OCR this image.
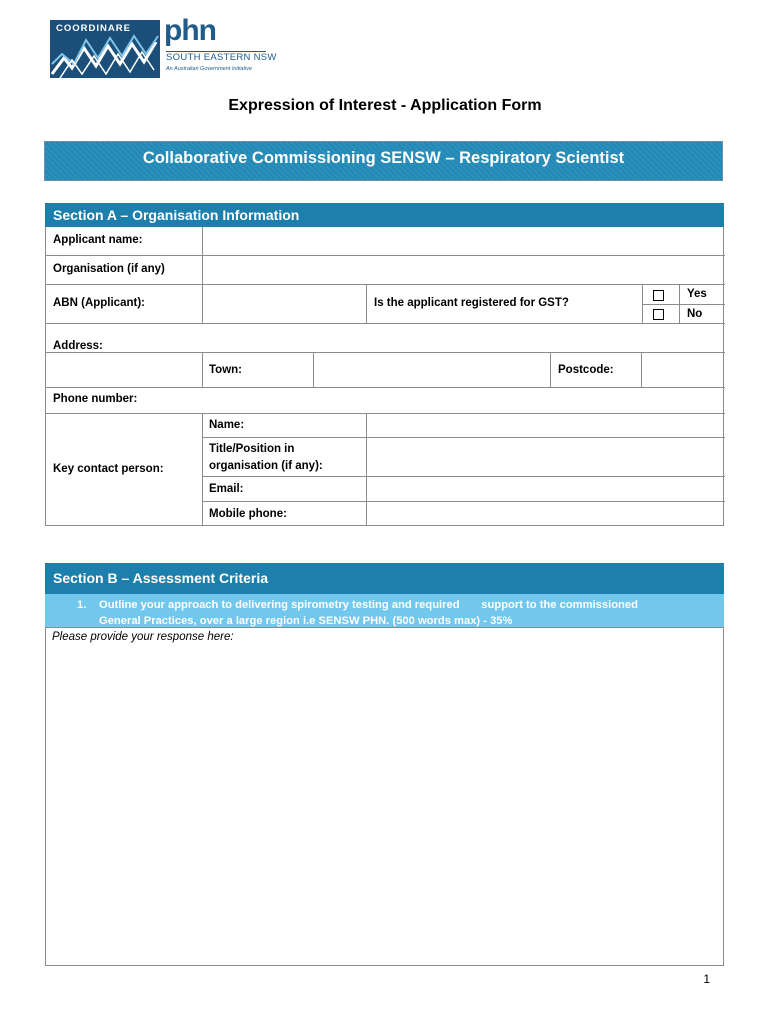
COORDINARE phn
SOUTH EASTERN NSW
An Australian Government Initiative
Expression of Interest - Application Form
Collaborative Commissioning SENSW – Respiratory Scientist
Section A – Organisation Information
Applicant name:
Organisation (if any)
ABN (Applicant):	Is the applicant registered for GST?
Yes
No
Address:
Town:	Postcode:
Phone number:
Key contact person:
Name:
Title/Position in
organisation (if any):
Email:
Mobile phone:
Section B – Assessment Criteria
1. Outline your approach to delivering spirometry testing and required       support to the commissioned
General Practices, over a large region i.e SENSW PHN. (500 words max) - 35%
Please provide your response here:
1
